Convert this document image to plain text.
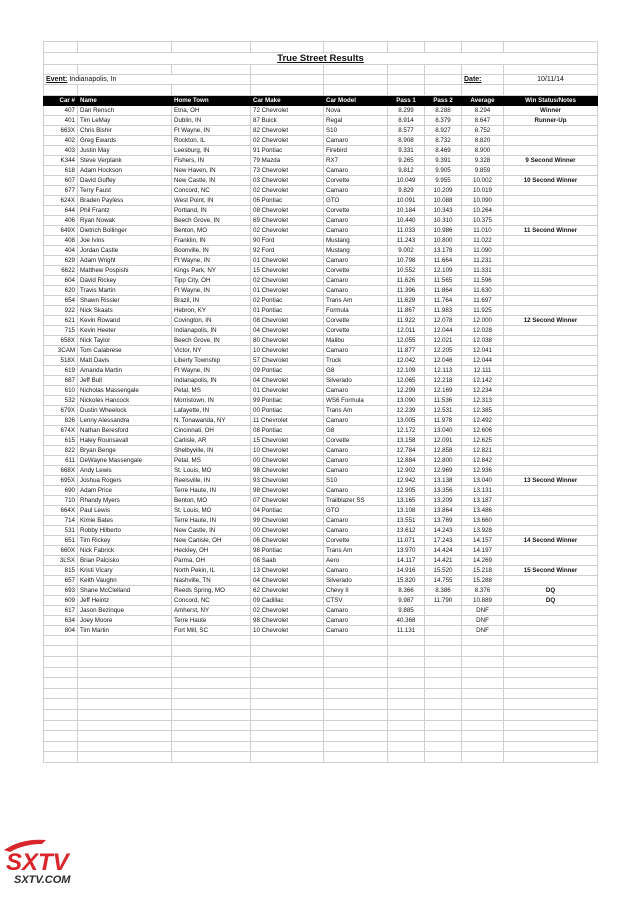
True Street Results								

Event: Indianapolis, In							Date:	10/11/14

Car #	Name	Home Town	Car Make	Car Model	Pass 1	Pass 2	Average	Win Status/Notes
407	Dan Rensch	Etna, OH	72 Chevrolet	Nova	8.299	8.288	8.294	Winner
401	Tim LeMay	Dublin, IN	87 Buick	Regal	8.914	8.379	8.647	Runner-Up
663X	Chris Bishir	Ft Wayne, IN	82 Chevrolet	S10	8.577	8.927	8.752	
402	Greg Ewards	Rockton, IL	02 Chevrolet	Camaro	8.908	8.732	8.820	
403	Justin May	Leesburg, IN	91 Pontiac	Firebird	9.331	8.469	8.900	
K344	Steve Verplank	Fishers, IN	79 Mazda	RX7	9.265	9.391	9.328	9 Second Winner
618	Adam Hockson	New Haven, IN	73 Chevrolet	Camaro	9.812	9.905	9.859	
607	David Guffey	New Castle, IN	03 Chevrolet	Corvette	10.049	9.955	10.002	10 Second Winner
677	Terry Faust	Concord, NC	02 Chevrolet	Camaro	9.829	10.209	10.019	
624X	Braden Payless	West Point, IN	06 Pontiac	GTO	10.091	10.088	10.090	
644	Phil Frantz	Portland, IN	08 Chevrolet	Corvette	10.184	10.343	10.264	
406	Ryan Nowak	Beech Grove, IN	69 Chevrolet	Camaro	10.440	10.310	10.375	
649X	Dietrich Bollinger	Benton, MO	02 Chevrolet	Camaro	11.033	10.986	11.010	11 Second Winner
408	Joe Ivins	Franklin, IN	90 Ford	Mustang	11.243	10.800	11.022	
404	Jordan Castle	Boonville, IN	92 Ford	Mustang	9.002	13.178	11.090	
629	Adam Wright	Ft Wayne, IN	01 Chevrolet	Camaro	10.798	11.664	11.231	
6622	Matthew Pospishi	Kings Park, NY	15 Chevrolet	Corvette	10.552	12.109	11.331	
604	David Rickey	Tipp City, OH	02 Chevrolet	Camaro	11.626	11.565	11.596	
620	Travis Martin	Ft Wayne, IN	01 Chevrolet	Camaro	11.396	11.864	11.630	
654	Shawn Rissler	Brazil, IN	02 Pontiac	Trans Am	11.629	11.764	11.697	
922	Nick Skaats	Hebron, KY	01 Pontiac	Formula	11.867	11.983	11.925	
621	Kevin Rowand	Covington, IN	08 Chevrolet	Corvette	11.922	12.078	12.000	12 Second Winner
715	Kevin Heeter	Indianapolis, IN	04 Chevrolet	Corvette	12.011	12.044	12.028	
658X	Nick Taylor	Beech Grove, IN	80 Chevrolet	Malibu	12.055	12.021	12.038	
3CAM	Tom Calabrese	Victor, NY	10 Chevrolet	Camaro	11.877	12.205	12.041	
518X	Matt Davis	Liberty Township	57 Chevrolet	Truck	12.042	12.046	12.044	
619	Amanda Martin	Ft Wayne, IN	09 Pontiac	G8	12.109	12.113	12.111	
687	Jeff Bull	Indianapolis, IN	04 Chevrolet	Silverado	12.065	12.218	12.142	
610	Nicholas Massengale	Petal, MS	01 Chevrolet	Camaro	12.299	12.169	12.234	
532	Nickoles Hancock	Morristown, IN	99 Pontiac	WS6 Formula	13.090	11.536	12.313	
679X	Dustin Wheelock	Lafayette, IN	00 Pontiac	Trans Am	12.239	12.531	12.385	
826	Lenny Alessandra	N. Tonawanda, NY	11 Chevrolet	Camaro	13.005	11.978	12.492	
674X	Nathan Beresford	Cincinnati, OH	08 Pontiac	G8	12.172	13.040	12.606	
615	Haley Rounsavall	Carlisle, AR	15 Chevrolet	Corvette	13.158	12.091	12.625	
822	Bryan Benge	Shelbyville, IN	10 Chevrolet	Camaro	12.784	12.858	12.821	
611	DeWayne Massengale	Petal, MS	00 Chevrolet	Camaro	12.884	12.800	12.842	
668X	Andy Lewis	St. Louis, MO	98 Chevrolet	Camaro	12.902	12.969	12.936	
695X	Joshua Rogers	Reelsville, IN	93 Chevrolet	S10	12.942	13.138	13.040	13 Second Winner
690	Adam Price	Terre Haute, IN	98 Chevrolet	Camaro	12.905	13.356	13.131	
710	Rhandy Myers	Benton, MO	07 Chevrolet	Trailblazer SS	13.165	13.209	13.187	
664X	Paul Lewis	St. Louis, MO	04 Pontiac	GTO	13.108	13.864	13.486	
714	Kimie Bates	Terre Haute, IN	99 Chevrolet	Camaro	13.551	13.769	13.660	
531	Robby Hilberto	New Castle, IN	00 Chevrolet	Camaro	13.612	14.243	13.928	
651	Tim Rickey	New Carlisle, OH	06 Chevrolet	Corvette	11.071	17.243	14.157	14 Second Winner
660X	Nick Fabrick	Heckley, OH	98 Pontiac	Trans Am	13.970	14.424	14.197	
3LSX	Brian Palcisko	Parma, OH	08 Saab	Aero	14.117	14.421	14.269	
815	Kristi Vicary	North Pekin, IL	13 Chevrolet	Camaro	14.916	15.520	15.218	15 Second Winner
657	Keith Vaughn	Nashville, TN	04 Chevrolet	Silverado	15.820	14.755	15.288	
693	Shane McClelland	Reeds Spring, MO	62 Chevrolet	Chevy II	8.366	8.386	8.376	DQ
609	Jeff Heintz	Concord, NC	09 Cadillac	CTSV	9.987	11.790	10.889	DQ
617	Jason Bezinque	Amherst, NY	02 Chevrolet	Camaro	9.885		DNF	
634	Joey Moore	Terre Haute	98 Chevrolet	Camaro	40.368		DNF	
804	Tim Martin	Fort Mill, SC	10 Chevrolet	Camaro	11.131		DNF	

SXTV
SXTV.COM
